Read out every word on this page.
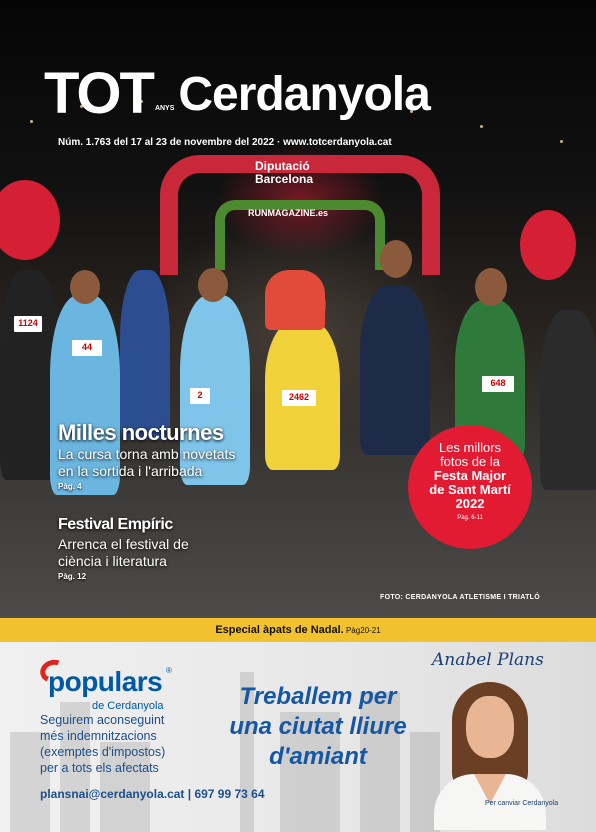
Diputació
Barcelona
RUNMAGAZINE.es
44
2462
2
648
1124
TOT ANYS Cerdanyola
Núm. 1.763 del 17 al 23 de novembre del 2022 · www.totcerdanyola.cat
Milles nocturnes
La cursa torna amb novetats
en la sortida i l'arribada
Pàg. 4
Festival Empíric
Arrenca el festival de
ciència i literatura
Pàg. 12
Les millors
fotos de la
Festa Major
de Sant Martí
2022
Pàg. 6-11
FOTO: CERDANYOLA ATLETISME I TRIATLÓ
Especial àpats de Nadal. Pàg20-21
populars ®
de Cerdanyola
Seguirem aconseguint
més indemnitzacions
(exemptes d'impostos)
per a tots els afectats
plansnai@cerdanyola.cat | 697 99 73 64
Treballem per
una ciutat lliure
d'amiant
Anabel Plans
Per canviar Cerdanyola
